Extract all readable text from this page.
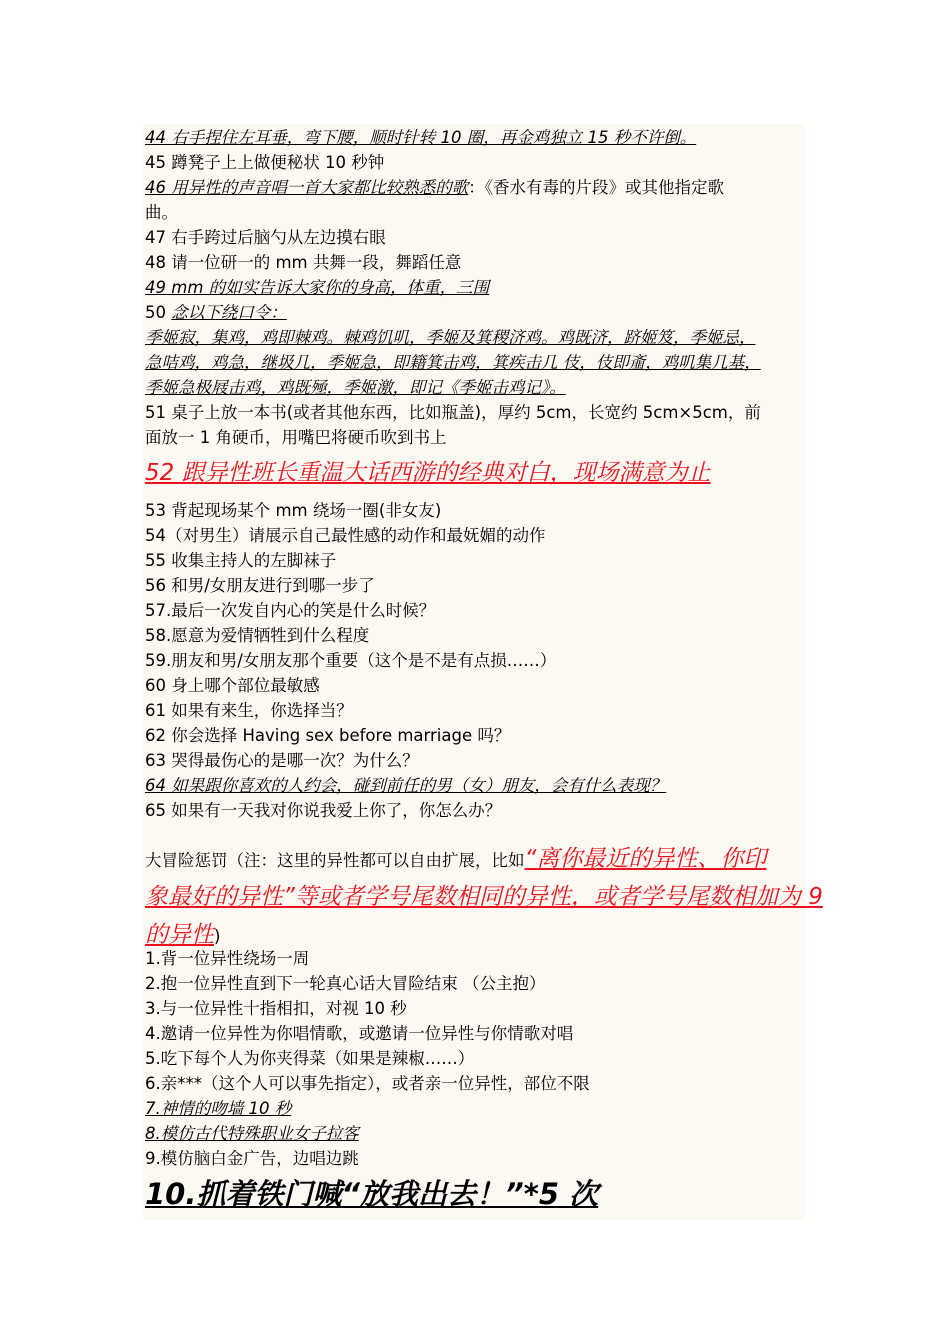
44 右手捏住左耳垂，弯下腰，顺时针转 10 圈，再金鸡独立 15 秒不许倒。
45 蹲凳子上上做便秘状 10 秒钟
46 用异性的声音唱一首大家都比较熟悉的歌：《香水有毒的片段》或其他指定歌
曲。
47 右手跨过后脑勺从左边摸右眼
48 请一位研一的 mm 共舞一段，舞蹈任意
49 mm 的如实告诉大家你的身高，体重，三围
50 念以下绕口令：
季姬寂，集鸡，鸡即棘鸡。棘鸡饥叽，季姬及箕稷济鸡。鸡既济，跻姬笈，季姬忌，
急咭鸡，鸡急，继圾几，季姬急，即籍箕击鸡，箕疾击几 伎，伎即齑，鸡叽集几基，
季姬急极屐击鸡，鸡既殛，季姬激，即记《季姬击鸡记》。
51 桌子上放一本书(或者其他东西，比如瓶盖)，厚约 5cm，长宽约 5cm×5cm，前
面放一 1 角硬币，用嘴巴将硬币吹到书上
52 跟异性班长重温大话西游的经典对白，现场满意为止
53 背起现场某个 mm 绕场一圈(非女友)
54（对男生）请展示自己最性感的动作和最妩媚的动作
55 收集主持人的左脚袜子
56 和男/女朋友进行到哪一步了
57.最后一次发自内心的笑是什么时候？
58.愿意为爱情牺牲到什么程度
59.朋友和男/女朋友那个重要（这个是不是有点损……）
60 身上哪个部位最敏感
61 如果有来生，你选择当？
62 你会选择 Having sex before marriage 吗？
63 哭得最伤心的是哪一次？为什么？
64 如果跟你喜欢的人约会，碰到前任的男（女）朋友，会有什么表现？
65 如果有一天我对你说我爱上你了，你怎么办？
大冒险惩罚（注：这里的异性都可以自由扩展，比如“离你最近的异性、你印
象最好的异性”等或者学号尾数相同的异性，或者学号尾数相加为 9
的异性)
1.背一位异性绕场一周
2.抱一位异性直到下一轮真心话大冒险结束 （公主抱）
3.与一位异性十指相扣，对视 10 秒
4.邀请一位异性为你唱情歌，或邀请一位异性与你情歌对唱
5.吃下每个人为你夹得菜（如果是辣椒……）
6.亲***（这个人可以事先指定），或者亲一位异性，部位不限
7.神情的吻墙 10 秒
8.模仿古代特殊职业女子拉客
9.模仿脑白金广告，边唱边跳
10.抓着铁门喊“放我出去！”*5 次
